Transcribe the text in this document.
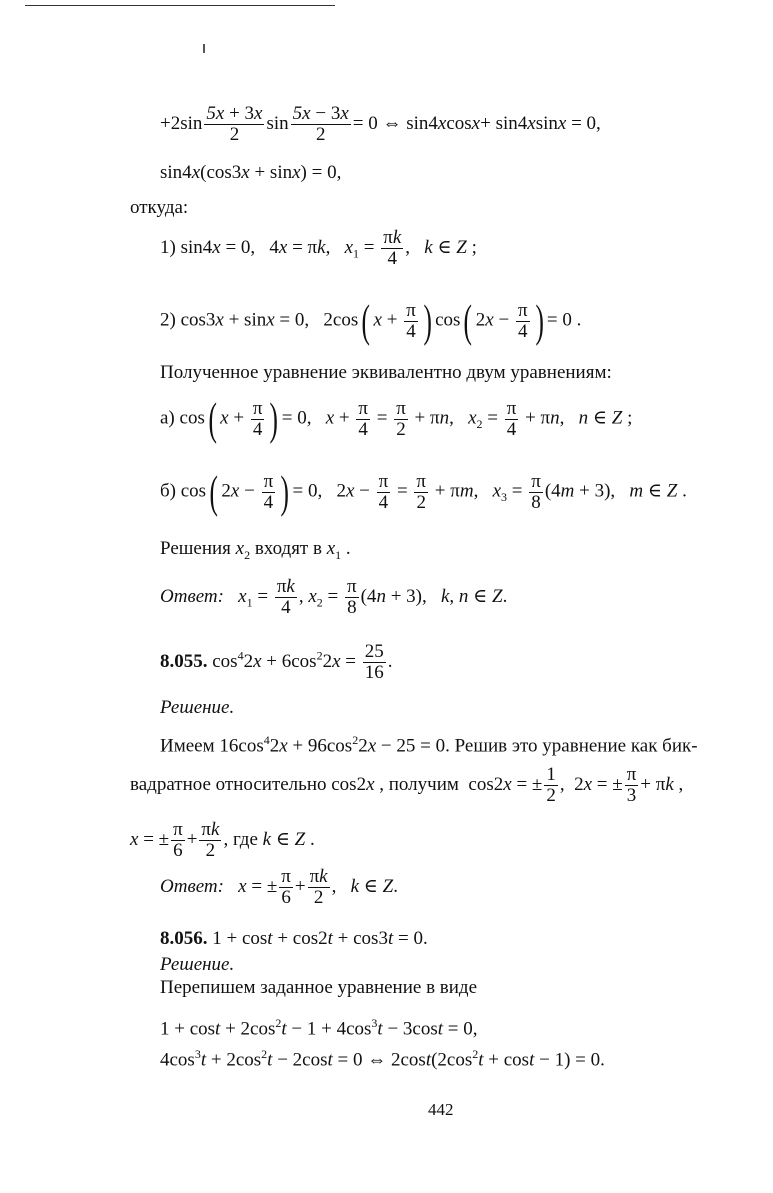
$+2\sin \frac{5x + 3x}{2}$ $\sin \frac{5x - 3x}{2} = 0$ ⇔ sin4xcosx+ sin4xsinx = 0,
sin4x(cos3x + sinx) = 0,
откуда:
1) sin4x = 0,   4x = πk,   $x_1 = \frac{\pi k}{4}$ ,   k ∈ Z ;
2) cos3x + sinx = 0,   2cos( $x + \frac{\pi}{4}$ ) cos( $2x - \frac{\pi}{4}$ ) = 0 .
Полученное уравнение эквивалентно двум уравнениям:
а) cos( $x + \frac{\pi}{4}$ ) = 0,   $x + \frac{\pi}{4} = \frac{\pi}{2} + \pi n$,   $x_2 = \frac{\pi}{4} + \pi n$,   n ∈ Z ;
б) cos( $2x - \frac{\pi}{4}$ ) = 0,   $2x - \frac{\pi}{4} = \frac{\pi}{2} + \pi m$,   $x_3 = \frac{\pi}{8} (4m + 3)$,   m ∈ Z .
Решения $x_2$ входят в $x_1$ .
Ответ: $x_1 = \frac{\pi k}{4}$ , $x_2 = \frac{\pi}{8} (4n + 3)$,   k, n ∈ Z.
8.055. $\cos^42x + 6\cos^22x = \frac{25}{16}$ .
Решение.
Имеем $16\cos^42x + 96\cos^22x - 25 = 0$. Решив это уравнение как бик-
вадратное относительно cos2x , получим  cos2x = ± $\frac{1}{2}$ ,  2x = ± $\frac{\pi}{3} + \pi k$ ,
x = ± $\frac{\pi}{6} + \frac{\pi k}{2}$ , где k ∈ Z .
Ответ: x = ± $\frac{\pi}{6} + \frac{\pi k}{2}$ ,   k ∈ Z.
8.056. 1 + cost + cos2t + cos3t = 0.
Решение.
Перепишем заданное уравнение в виде
$1 + \cos t + 2\cos^2t - 1 + 4\cos^3t - 3\cos t = 0$,
$4\cos^3t + 2\cos^2t - 2\cos t = 0$ ⇔ $2\cos t(2\cos^2t + \cos t - 1) = 0$.
442
